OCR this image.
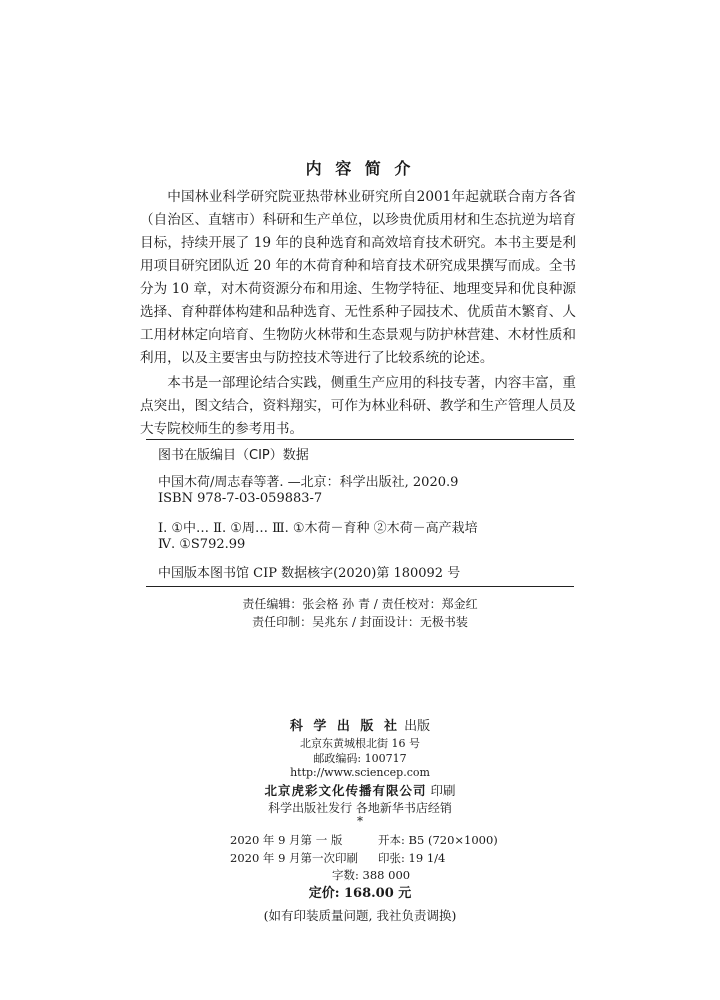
内 容 简 介

中国林业科学研究院亚热带林业研究所自2001年起就联合南方各省（自治区、直辖市）科研和生产单位，以珍贵优质用材和生态抗逆为培育目标，持续开展了 19 年的良种选育和高效培育技术研究。本书主要是利用项目研究团队近 20 年的木荷育种和培育技术研究成果撰写而成。全书分为 10 章，对木荷资源分布和用途、生物学特征、地理变异和优良种源选择、育种群体构建和品种选育、无性系种子园技术、优质苗木繁育、人工用材林定向培育、生物防火林带和生态景观与防护林营建、木材性质和利用，以及主要害虫与防控技术等进行了比较系统的论述。

本书是一部理论结合实践，侧重生产应用的科技专著，内容丰富，重点突出，图文结合，资料翔实，可作为林业科研、教学和生产管理人员及大专院校师生的参考用书。

图书在版编目（CIP）数据
中国木荷/周志春等著. —北京：科学出版社, 2020.9
ISBN 978-7-03-059883-7
Ⅰ. ①中… Ⅱ. ①周… Ⅲ. ①木荷－育种 ②木荷－高产栽培
Ⅳ. ①S792.99
中国版本图书馆 CIP 数据核字(2020)第 180092 号
责任编辑：张会格 孙 青 / 责任校对：郑金红
责任印制：吴兆东 / 封面设计：无极书装
科 学 出 版 社 出版
北京东黄城根北街 16 号
邮政编码: 100717
http://www.sciencep.com
北京虎彩文化传播有限公司 印刷
科学出版社发行 各地新华书店经销
*
2020 年 9 月第 一 版	开本: B5 (720×1000)
2020 年 9 月第一次印刷 印张: 19 1/4
字数: 388 000
定价: 168.00 元
(如有印装质量问题, 我社负责调换)
